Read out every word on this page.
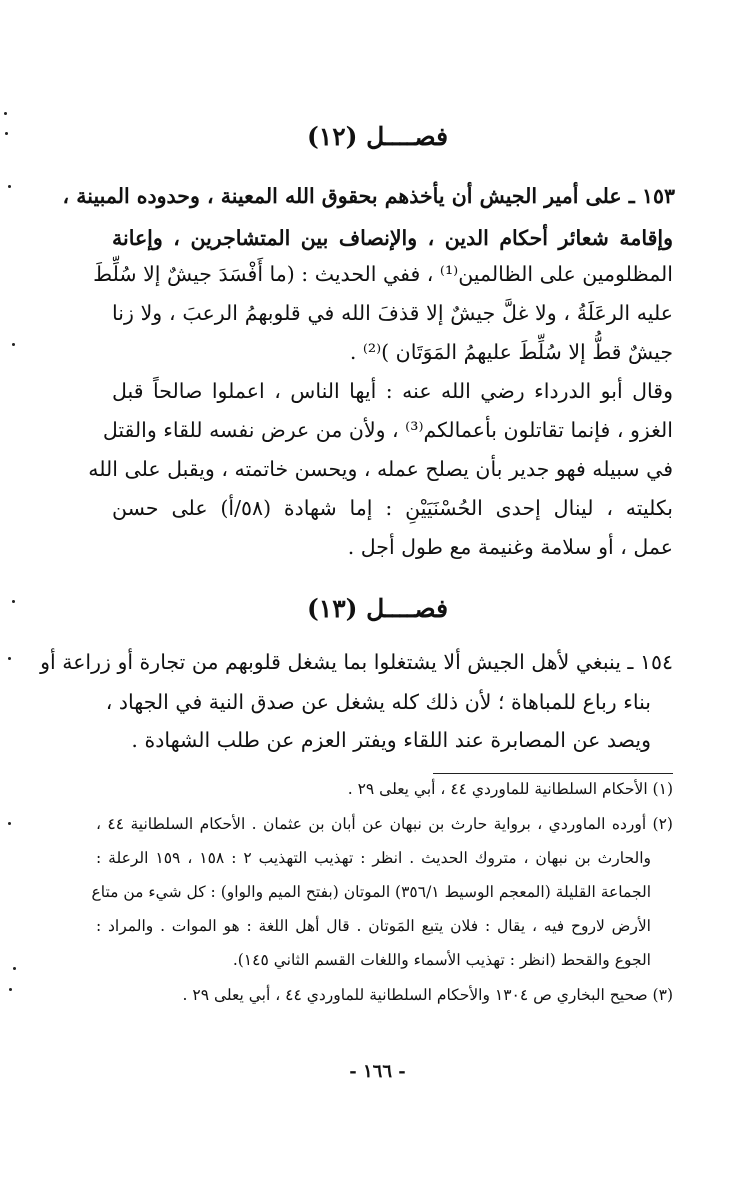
فصــــل (١٢)
١٥٣ ـ على أمير الجيش أن يأخذهم بحقوق الله المعينة ، وحدوده المبينة ،
وإقامة شعائر أحكام الدين ، والإنصاف بين المتشاجرين ، وإعانة
المظلومين على الظالمين⁽¹⁾ ، ففي الحديث : (ما أَفْسَدَ جيشٌ إلا سُلِّطَ
عليه الرعَلَةُ ، ولا غلَّ جيشٌ إلا قذفَ الله في قلوبهمُ الرعبَ ، ولا زنا
جيشٌ قطُّ إلا سُلِّطَ عليهمُ المَوَتَان )⁽²⁾ .
وقال أبو الدرداء رضي الله عنه : أيها الناس ، اعملوا صالحاً قبل
الغزو ، فإنما تقاتلون بأعمالكم⁽³⁾ ، ولأن من عرض نفسه للقاء والقتل
في سبيله فهو جدير بأن يصلح عمله ، ويحسن خاتمته ، ويقبل على الله
بكليته ، لينال إحدى الحُسْنَيَيْنِ : إما شهادة (٥٨/أ) على حسن
عمل ، أو سلامة وغنيمة مع طول أجل .
فصــــل (١٣)
١٥٤ ـ ينبغي لأهل الجيش ألا يشتغلوا بما يشغل قلوبهم من تجارة أو زراعة أو
بناء رباع للمباهاة ؛ لأن ذلك كله يشغل عن صدق النية في الجهاد ،
ويصد عن المصابرة عند اللقاء ويفتر العزم عن طلب الشهادة .
(١) الأحكام السلطانية للماوردي ٤٤ ، أبي يعلى ٢٩ .
(٢) أورده الماوردي ، برواية حارث بن نبهان عن أبان بن عثمان . الأحكام السلطانية ٤٤ ،
والحارث بن نبهان ، متروك الحديث . انظر : تهذيب التهذيب ٢ : ١٥٨ ، ١٥٩ الرعلة :
الجماعة القليلة (المعجم الوسيط ٣٥٦/١) الموتان (بفتح الميم والواو) : كل شيء من متاع
الأرض لاروح فيه ، يقال : فلان يتبع المَوتان . قال أهل اللغة : هو الموات . والمراد :
الجوع والقحط (انظر : تهذيب الأسماء واللغات القسم الثاني ١٤٥).
(٣) صحيح البخاري ص ١٣٠٤ والأحكام السلطانية للماوردي ٤٤ ، أبي يعلى ٢٩ .
- ١٦٦ -
